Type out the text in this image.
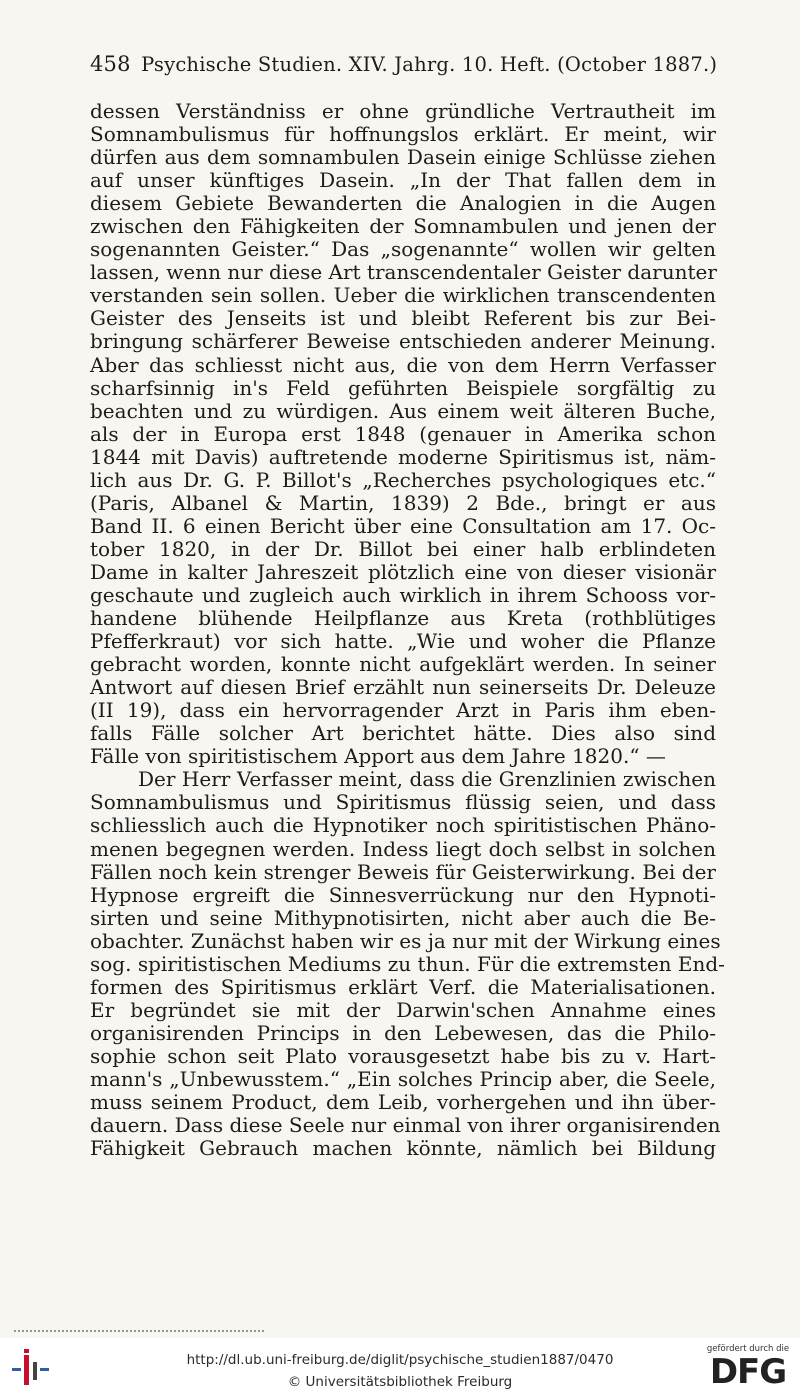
458 Psychische Studien. XIV. Jahrg. 10. Heft. (October 1887.)
dessen Verständniss er ohne gründliche Vertrautheit im
Somnambulismus für hoffnungslos erklärt. Er meint, wir
dürfen aus dem somnambulen Dasein einige Schlüsse ziehen
auf unser künftiges Dasein. „In der That fallen dem in
diesem Gebiete Bewanderten die Analogien in die Augen
zwischen den Fähigkeiten der Somnambulen und jenen der
sogenannten Geister.“ Das „sogenannte“ wollen wir gelten
lassen, wenn nur diese Art transcendentaler Geister darunter
verstanden sein sollen. Ueber die wirklichen transcendenten
Geister des Jenseits ist und bleibt Referent bis zur Bei-
bringung schärferer Beweise entschieden anderer Meinung.
Aber das schliesst nicht aus, die von dem Herrn Verfasser
scharfsinnig in's Feld geführten Beispiele sorgfältig zu
beachten und zu würdigen. Aus einem weit älteren Buche,
als der in Europa erst 1848 (genauer in Amerika schon
1844 mit Davis) auftretende moderne Spiritismus ist, näm-
lich aus Dr. G. P. Billot's „Recherches psychologiques etc.“
(Paris, Albanel & Martin, 1839) 2 Bde., bringt er aus
Band II. 6 einen Bericht über eine Consultation am 17. Oc-
tober 1820, in der Dr. Billot bei einer halb erblindeten
Dame in kalter Jahreszeit plötzlich eine von dieser visionär
geschaute und zugleich auch wirklich in ihrem Schooss vor-
handene blühende Heilpflanze aus Kreta (rothblütiges
Pfefferkraut) vor sich hatte. „Wie und woher die Pflanze
gebracht worden, konnte nicht aufgeklärt werden. In seiner
Antwort auf diesen Brief erzählt nun seinerseits Dr. Deleuze
(II 19), dass ein hervorragender Arzt in Paris ihm eben-
falls Fälle solcher Art berichtet hätte. Dies also sind
Fälle von spiritistischem Apport aus dem Jahre 1820.“ —
Der Herr Verfasser meint, dass die Grenzlinien zwischen
Somnambulismus und Spiritismus flüssig seien, und dass
schliesslich auch die Hypnotiker noch spiritistischen Phäno-
menen begegnen werden. Indess liegt doch selbst in solchen
Fällen noch kein strenger Beweis für Geisterwirkung. Bei der
Hypnose ergreift die Sinnesverrückung nur den Hypnoti-
sirten und seine Mithypnotisirten, nicht aber auch die Be-
obachter. Zunächst haben wir es ja nur mit der Wirkung eines
sog. spiritistischen Mediums zu thun. Für die extremsten End-
formen des Spiritismus erklärt Verf. die Materialisationen.
Er begründet sie mit der Darwin'schen Annahme eines
organisirenden Princips in den Lebewesen, das die Philo-
sophie schon seit Plato vorausgesetzt habe bis zu v. Hart-
mann's „Unbewusstem.“ „Ein solches Princip aber, die Seele,
muss seinem Product, dem Leib, vorhergehen und ihn über-
dauern. Dass diese Seele nur einmal von ihrer organisirenden
Fähigkeit Gebrauch machen könnte, nämlich bei Bildung
http://dl.ub.uni-freiburg.de/diglit/psychische_studien1887/0470
© Universitätsbibliothek Freiburg
gefördert durch die
DFG
